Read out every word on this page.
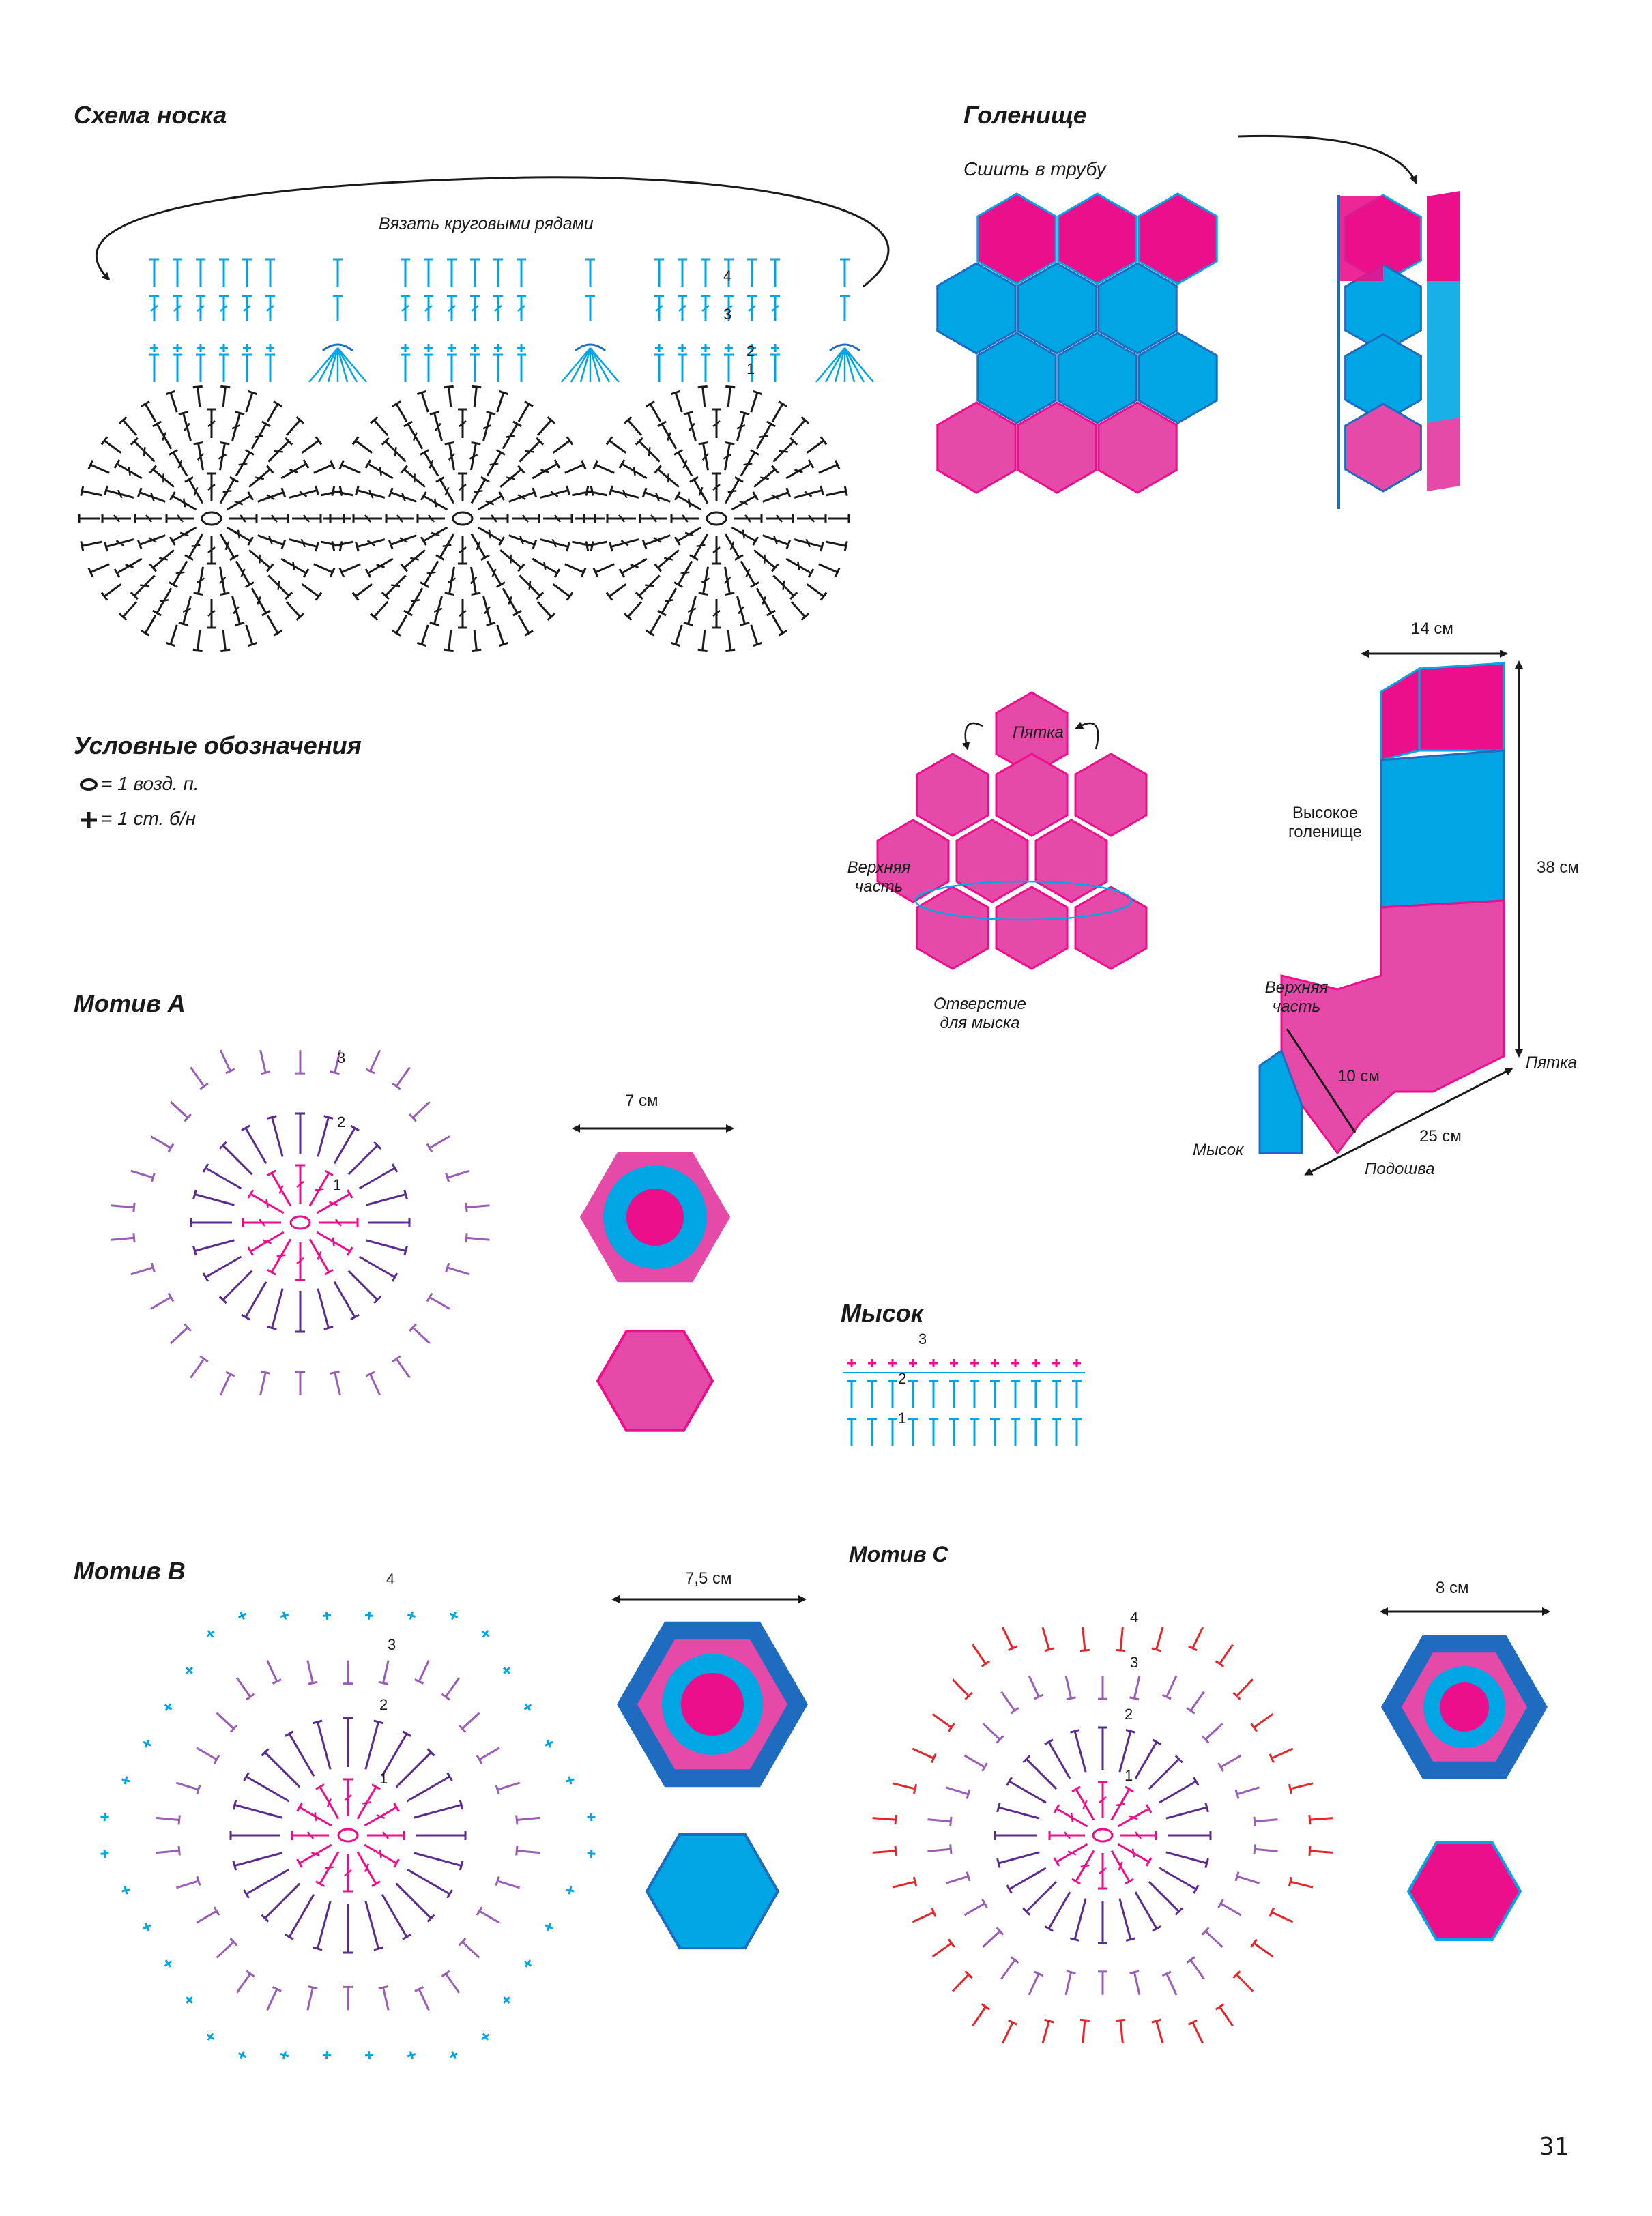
Схема носка
Вязать круговыми рядами
4
3
2
1
Голенище
Сшить в трубу
Условные обозначения
= 1 возд. п.
= 1 ст. б/н
Пятка
Верхняя
часть
Отверстие
для мыска
14 см
38 см
Высокое
голенище
Верхняя
часть
10 см
Пятка
Мысок
25 см
Подошва
Мотив A
7 см
1
2
3
Мысок
1
2
3
Мотив B	7,5 см
1
2
3
4
Мотив C
8 см
1
2
3
4
31
